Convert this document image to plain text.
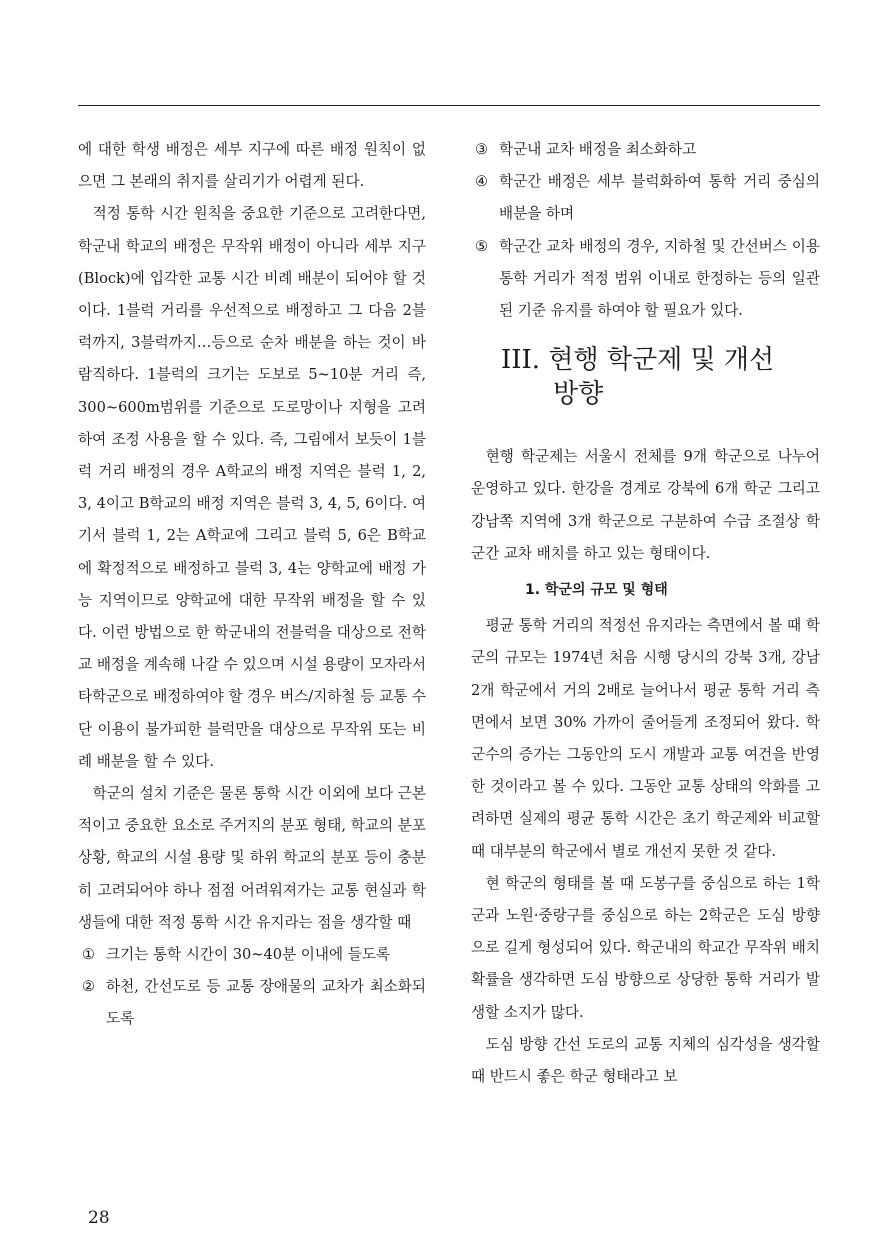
에 대한 학생 배정은 세부 지구에 따른 배정 원칙이 없으면 그 본래의 취지를 살리기가 어렵게 된다.

적정 통학 시간 원칙을 중요한 기준으로 고려한다면, 학군내 학교의 배정은 무작위 배정이 아니라 세부 지구(Block)에 입각한 교통 시간 비례 배분이 되어야 할 것이다. 1블럭 거리를 우선적으로 배정하고 그 다음 2블럭까지, 3블럭까지…등으로 순차 배분을 하는 것이 바람직하다. 1블럭의 크기는 도보로 5~10분 거리 즉, 300~600m범위를 기준으로 도로망이나 지형을 고려하여 조정 사용을 할 수 있다. 즉, 그림에서 보듯이 1블럭 거리 배정의 경우 A학교의 배정 지역은 블럭 1, 2, 3, 4이고 B학교의 배정 지역은 블럭 3, 4, 5, 6이다. 여기서 블럭 1, 2는 A학교에 그리고 블럭 5, 6은 B학교에 확정적으로 배정하고 블럭 3, 4는 양학교에 배정 가능 지역이므로 양학교에 대한 무작위 배정을 할 수 있다. 이런 방법으로 한 학군내의 전블럭을 대상으로 전학교 배정을 계속해 나갈 수 있으며 시설 용량이 모자라서 타학군으로 배정하여야 할 경우 버스/지하철 등 교통 수단 이용이 불가피한 블럭만을 대상으로 무작위 또는 비례 배분을 할 수 있다.

학군의 설치 기준은 물론 통학 시간 이외에 보다 근본적이고 중요한 요소로 주거지의 분포 형태, 학교의 분포 상황, 학교의 시설 용량 및 하위 학교의 분포 등이 충분히 고려되어야 하나 점점 어려워져가는 교통 현실과 학생들에 대한 적정 통학 시간 유지라는 점을 생각할 때

① 크기는 통학 시간이 30~40분 이내에 들도록
② 하천, 간선도로 등 교통 장애물의 교차가 최소화되도록
③ 학군내 교차 배정을 최소화하고
④ 학군간 배정은 세부 블럭화하여 통학 거리 중심의 배분을 하며
⑤ 학군간 교차 배정의 경우, 지하철 및 간선버스 이용 통학 거리가 적정 범위 이내로 한정하는 등의 일관된 기준 유지를 하여야 할 필요가 있다.

III. 현행 학군제 및 개선
방향

현행 학군제는 서울시 전체를 9개 학군으로 나누어 운영하고 있다. 한강을 경계로 강북에 6개 학군 그리고 강남쪽 지역에 3개 학군으로 구분하여 수급 조절상 학군간 교차 배치를 하고 있는 형태이다.

1. 학군의 규모 및 형태

평균 통학 거리의 적정선 유지라는 측면에서 볼 때 학군의 규모는 1974년 처음 시행 당시의 강북 3개, 강남 2개 학군에서 거의 2배로 늘어나서 평균 통학 거리 측면에서 보면 30% 가까이 줄어들게 조정되어 왔다. 학군수의 증가는 그동안의 도시 개발과 교통 여건을 반영한 것이라고 볼 수 있다. 그동안 교통 상태의 악화를 고려하면 실제의 평균 통학 시간은 초기 학군제와 비교할 때 대부분의 학군에서 별로 개선지 못한 것 같다.

현 학군의 형태를 볼 때 도봉구를 중심으로 하는 1학군과 노원·중랑구를 중심으로 하는 2학군은 도심 방향으로 길게 형성되어 있다. 학군내의 학교간 무작위 배치 확률을 생각하면 도심 방향으로 상당한 통학 거리가 발생할 소지가 많다.

도심 방향 간선 도로의 교통 지체의 심각성을 생각할 때 반드시 좋은 학군 형태라고 보

28
